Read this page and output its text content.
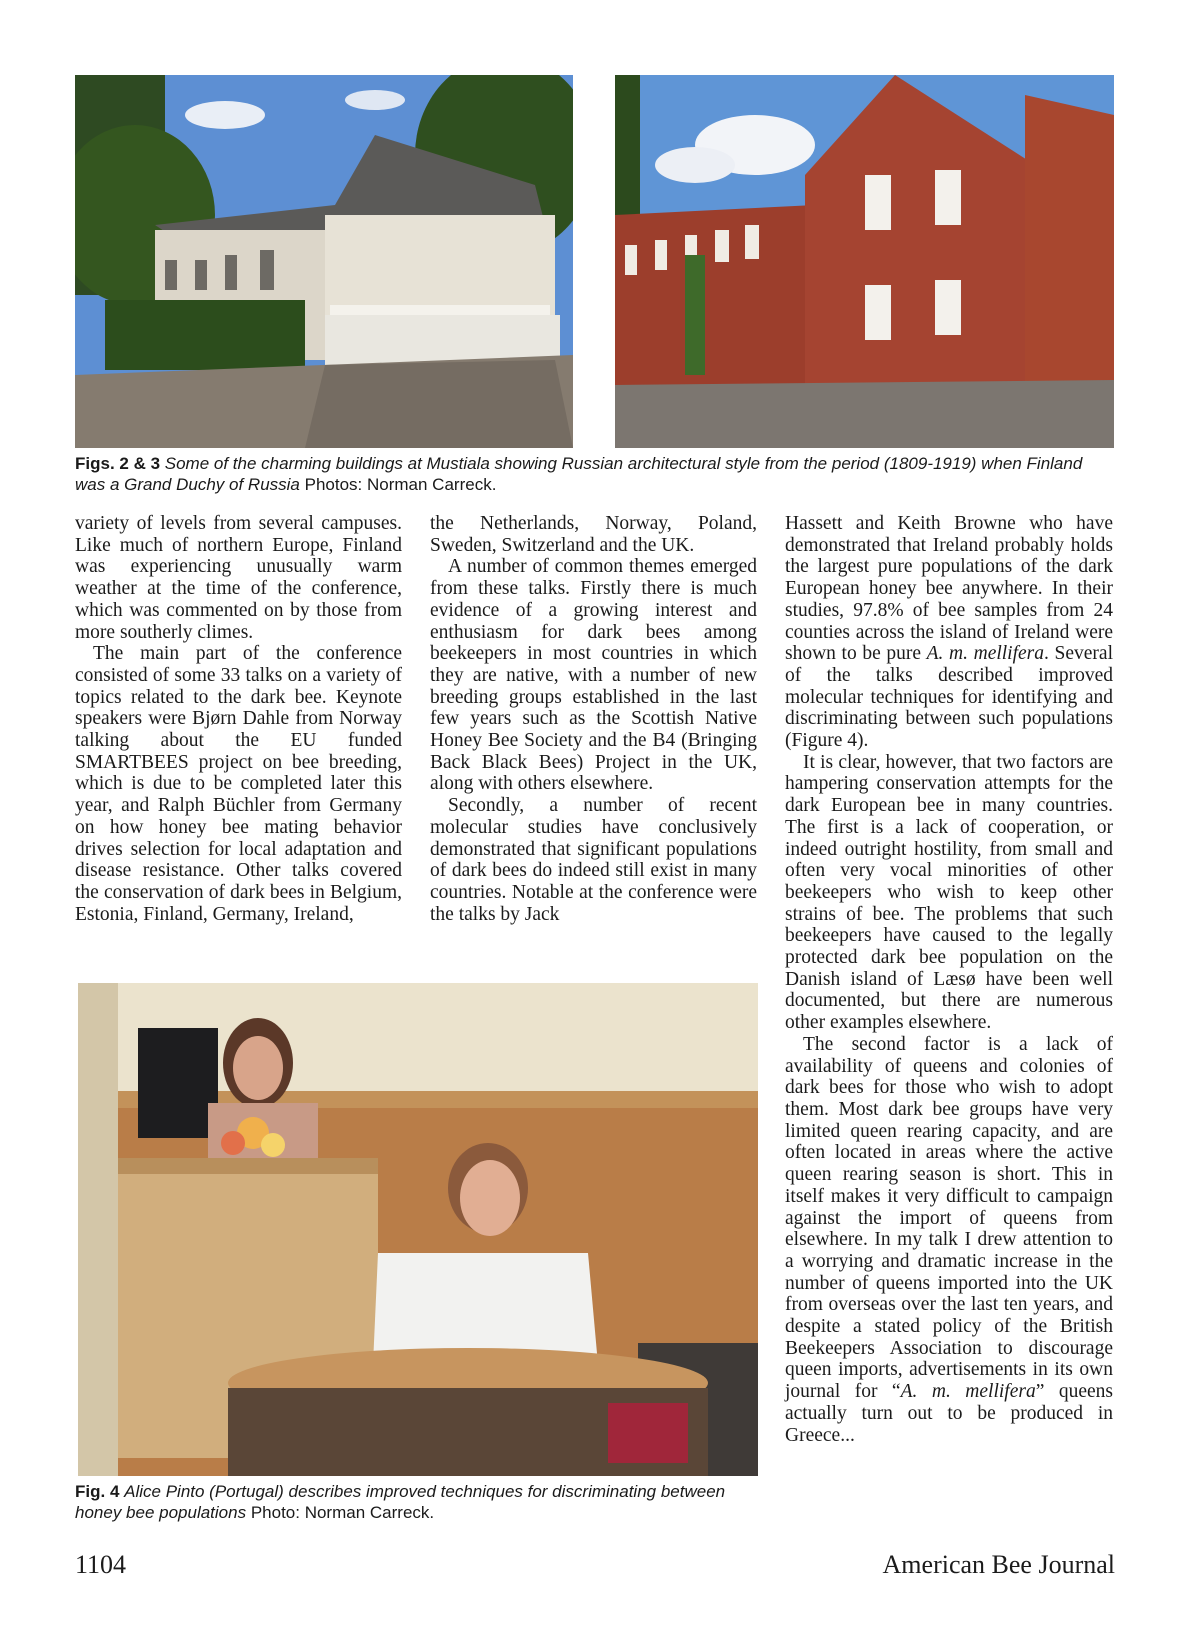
Figs. 2 & 3 Some of the charming buildings at Mustiala showing Russian architectural style from the period (1809-1919) when Finland was a Grand Duchy of Russia Photos: Norman Carreck.

variety of levels from several campuses. Like much of northern Europe, Finland was experiencing unusually warm weather at the time of the conference, which was commented on by those from more southerly climes.

The main part of the conference consisted of some 33 talks on a variety of topics related to the dark bee. Keynote speakers were Bjørn Dahle from Norway talking about the EU funded SMARTBEES project on bee breeding, which is due to be completed later this year, and Ralph Büchler from Germany on how honey bee mating behavior drives selection for local adaptation and disease resistance. Other talks covered the conservation of dark bees in Belgium, Estonia, Finland, Germany, Ireland,

the Netherlands, Norway, Poland, Sweden, Switzerland and the UK.

A number of common themes emerged from these talks. Firstly there is much evidence of a growing interest and enthusiasm for dark bees among beekeepers in most countries in which they are native, with a number of new breeding groups established in the last few years such as the Scottish Native Honey Bee Society and the B4 (Bringing Back Black Bees) Project in the UK, along with others elsewhere.

Secondly, a number of recent molecular studies have conclusively demonstrated that significant populations of dark bees do indeed still exist in many countries. Notable at the conference were the talks by Jack

Hassett and Keith Browne who have demonstrated that Ireland probably holds the largest pure populations of the dark European honey bee anywhere. In their studies, 97.8% of bee samples from 24 counties across the island of Ireland were shown to be pure A. m. mellifera. Several of the talks described improved molecular techniques for identifying and discriminating between such populations (Figure 4).

It is clear, however, that two factors are hampering conservation attempts for the dark European bee in many countries. The first is a lack of cooperation, or indeed outright hostility, from small and often very vocal minorities of other beekeepers who wish to keep other strains of bee. The problems that such beekeepers have caused to the legally protected dark bee population on the Danish island of Læsø have been well documented, but there are numerous other examples elsewhere.

The second factor is a lack of availability of queens and colonies of dark bees for those who wish to adopt them. Most dark bee groups have very limited queen rearing capacity, and are often located in areas where the active queen rearing season is short. This in itself makes it very difficult to campaign against the import of queens from elsewhere. In my talk I drew attention to a worrying and dramatic increase in the number of queens imported into the UK from overseas over the last ten years, and despite a stated policy of the British Beekeepers Association to discourage queen imports, advertisements in its own journal for “A. m. mellifera” queens actually turn out to be produced in Greece...

Fig. 4 Alice Pinto (Portugal) describes improved techniques for discriminating between honey bee populations Photo: Norman Carreck.
1104	American Bee Journal
